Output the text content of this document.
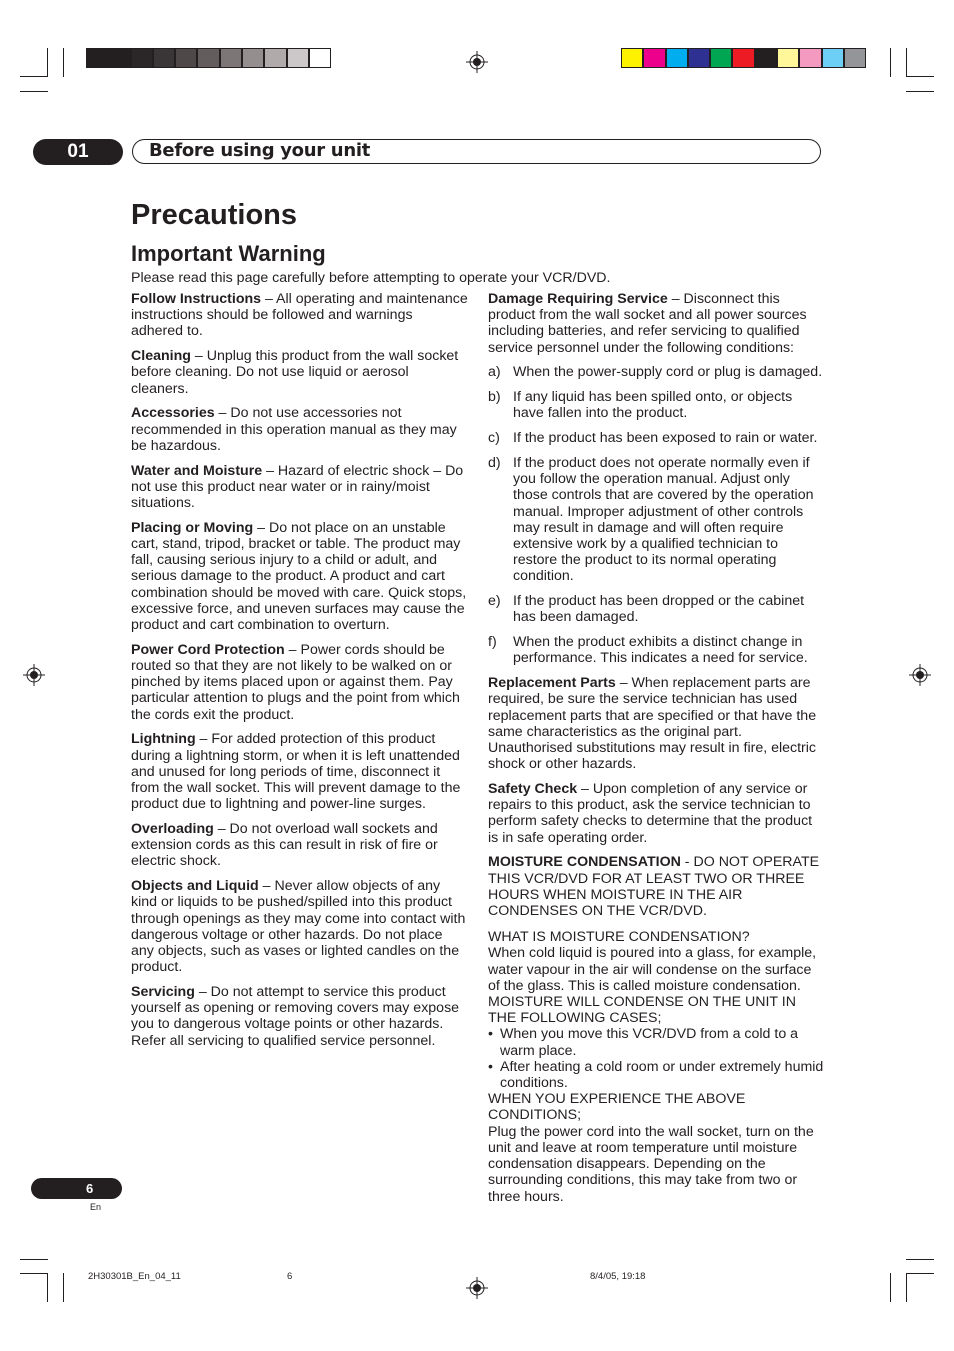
01	Before using your unit
Precautions
Important Warning
Please read this page carefully before attempting to operate your VCR/DVD.

Follow Instructions – All operating and maintenance instructions should be followed and warnings adhered to.

Cleaning – Unplug this product from the wall socket before cleaning. Do not use liquid or aerosol cleaners.

Accessories – Do not use accessories not recommended in this operation manual as they may be hazardous.

Water and Moisture – Hazard of electric shock – Do not use this product near water or in rainy/moist situations.

Placing or Moving – Do not place on an unstable cart, stand, tripod, bracket or table. The product may fall, causing serious injury to a child or adult, and serious damage to the product. A product and cart combination should be moved with care. Quick stops, excessive force, and uneven surfaces may cause the product and cart combination to overturn.

Power Cord Protection – Power cords should be routed so that they are not likely to be walked on or pinched by items placed upon or against them. Pay particular attention to plugs and the point from which the cords exit the product.

Lightning – For added protection of this product during a lightning storm, or when it is left unattended and unused for long periods of time, disconnect it from the wall socket. This will prevent damage to the product due to lightning and power-line surges.

Overloading – Do not overload wall sockets and extension cords as this can result in risk of fire or electric shock.

Objects and Liquid – Never allow objects of any kind or liquids to be pushed/spilled into this product through openings as they may come into contact with dangerous voltage or other hazards. Do not place any objects, such as vases or lighted candles on the product.

Servicing – Do not attempt to service this product yourself as opening or removing covers may expose you to dangerous voltage points or other hazards. Refer all servicing to qualified service personnel.

Damage Requiring Service – Disconnect this product from the wall socket and all power sources including batteries, and refer servicing to qualified service personnel under the following conditions:

a) When the power-supply cord or plug is damaged.
b) If any liquid has been spilled onto, or objects have fallen into the product.
c) If the product has been exposed to rain or water.
d) If the product does not operate normally even if you follow the operation manual. Adjust only those controls that are covered by the operation manual. Improper adjustment of other controls may result in damage and will often require extensive work by a qualified technician to restore the product to its normal operating condition.
e) If the product has been dropped or the cabinet has been damaged.
f)	When the product exhibits a distinct change in performance. This indicates a need for service.

Replacement Parts – When replacement parts are required, be sure the service technician has used replacement parts that are specified or that have the same characteristics as the original part. Unauthorised substitutions may result in fire, electric shock or other hazards.

Safety Check – Upon completion of any service or repairs to this product, ask the service technician to perform safety checks to determine that the product is in safe operating order.

MOISTURE CONDENSATION - DO NOT OPERATE THIS VCR/DVD FOR AT LEAST TWO OR THREE HOURS WHEN MOISTURE IN THE AIR CONDENSES ON THE VCR/DVD.

WHAT IS MOISTURE CONDENSATION?
When cold liquid is poured into a glass, for example, water vapour in the air will condense on the surface of the glass. This is called moisture condensation. MOISTURE WILL CONDENSE ON THE UNIT IN THE FOLLOWING CASES;
• When you move this VCR/DVD from a cold to a warm place.
• After heating a cold room or under extremely humid conditions.
WHEN YOU EXPERIENCE THE ABOVE CONDITIONS;
Plug the power cord into the wall socket, turn on the unit and leave at room temperature until moisture condensation disappears. Depending on the surrounding conditions, this may take from two or three hours.
6
En
2H30301B_En_04_11	6	8/4/05, 19:18
